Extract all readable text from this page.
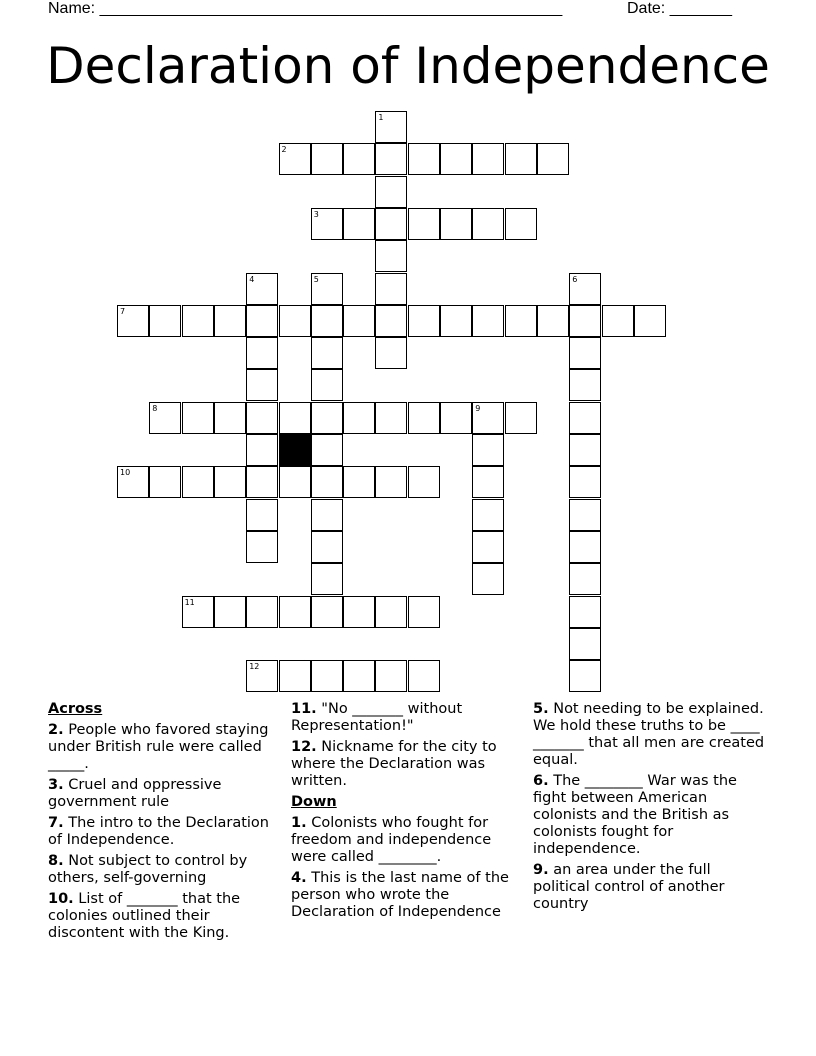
Name: ____________________________________________________	Date: _______
Declaration of Independence
2
3
7
8	9
10
11
12
1
4	5	6
Across
2. People who favored staying under British rule were called _____.
3. Cruel and oppressive government rule
7. The intro to the Declaration of Independence.
8. Not subject to control by others, self-governing
10. List of _______ that the colonies outlined their discontent with the King.
11. "No _______ without Representation!"
12. Nickname for the city to where the Declaration was written.
Down
1. Colonists who fought for freedom and independence were called ________.
4. This is the last name of the person who wrote the Declaration of Independence
5. Not needing to be explained. We hold these truths to be ____ _______ that all men are created equal.
6. The ________ War was the fight between American colonists and the British as colonists fought for independence.
9. an area under the full political control of another country
